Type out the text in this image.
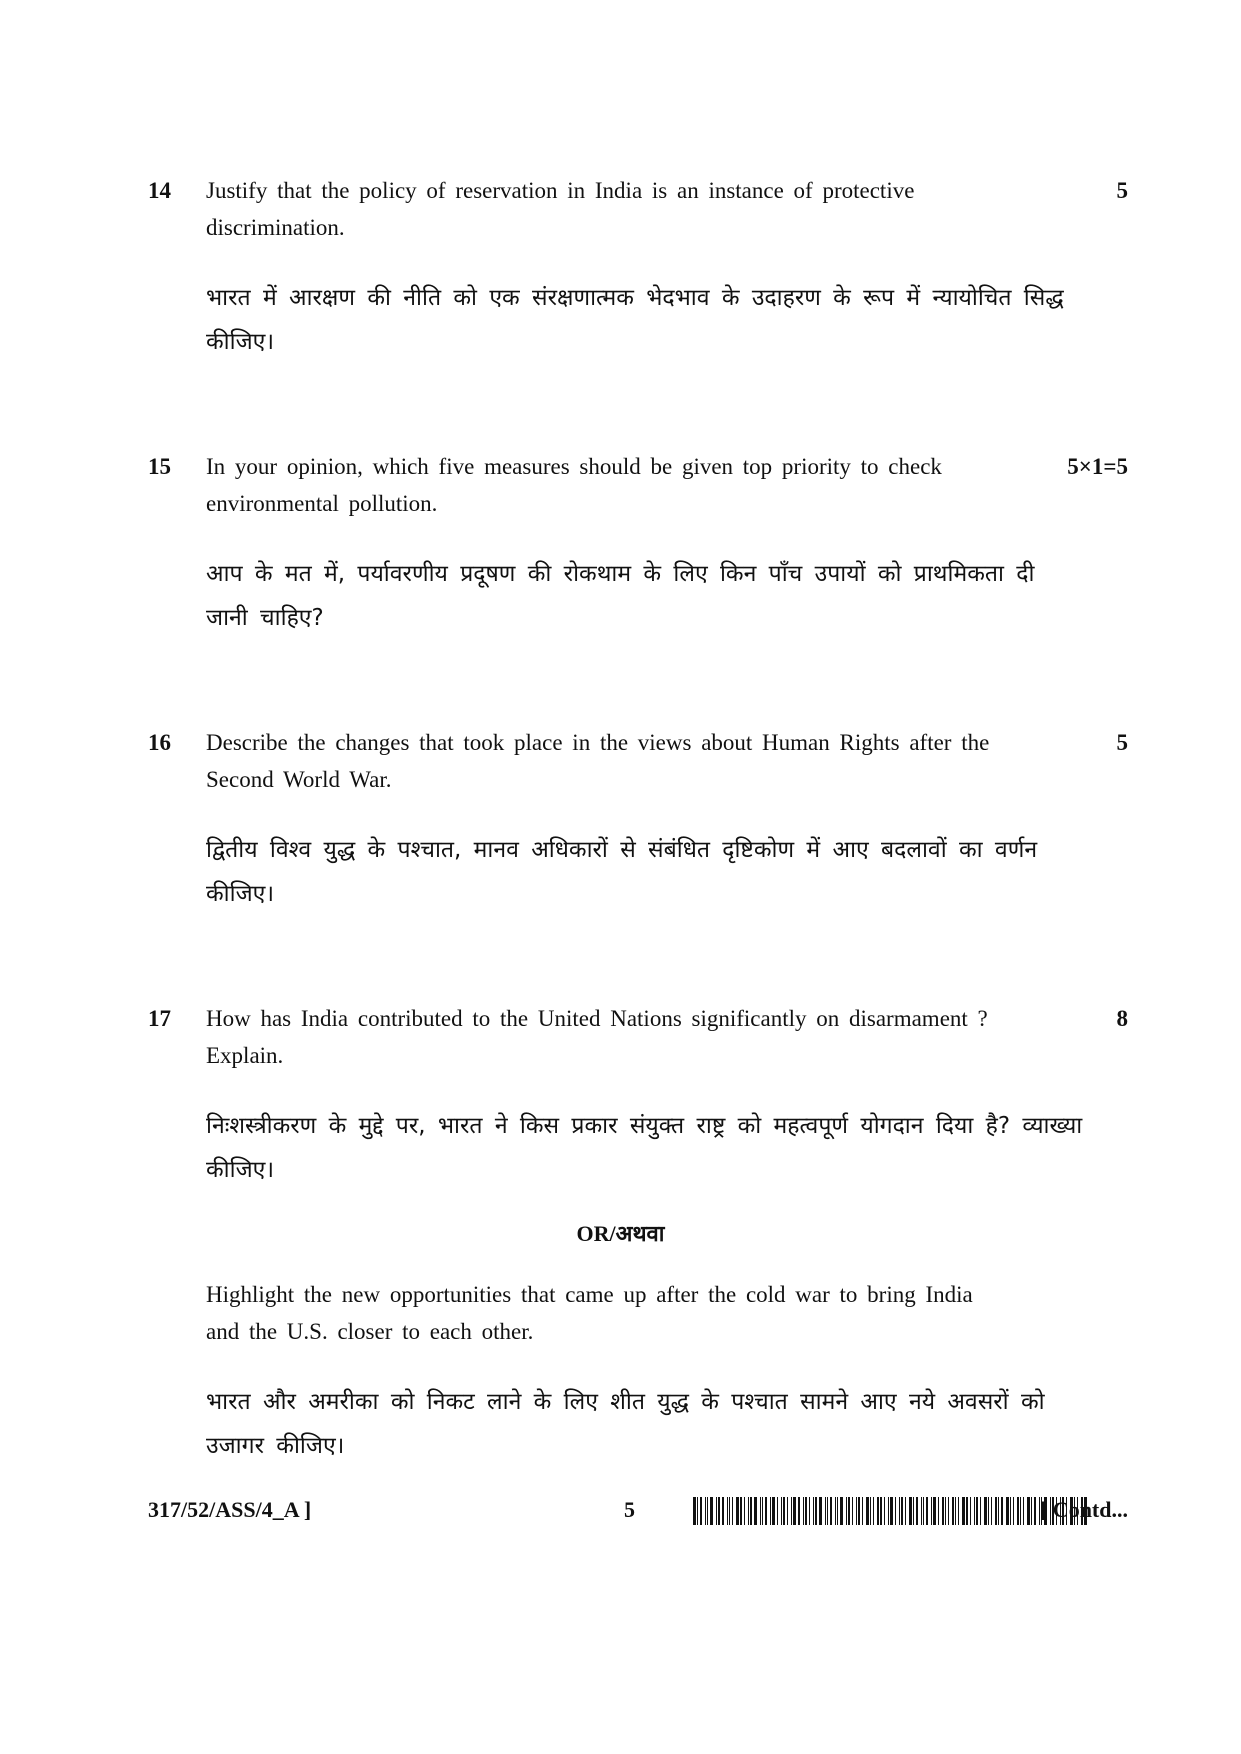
14	5
Justify that the policy of reservation in India is an instance of protective discrimination.
भारत में आरक्षण की नीति को एक संरक्षणात्मक भेदभाव के उदाहरण के रूप में न्यायोचित सिद्ध कीजिए।
15	5×1=5
In your opinion, which five measures should be given top priority to check environmental pollution.
आप के मत में, पर्यावरणीय प्रदूषण की रोकथाम के लिए किन पाँच उपायों को प्राथमिकता दी जानी चाहिए?
16	5
Describe the changes that took place in the views about Human Rights after the Second World War.
द्वितीय विश्व युद्ध के पश्चात, मानव अधिकारों से संबंधित दृष्टिकोण में आए बदलावों का वर्णन कीजिए।
17	8
How has India contributed to the United Nations significantly on disarmament ? Explain.
निःशस्त्रीकरण के मुद्दे पर, भारत ने किस प्रकार संयुक्त राष्ट्र को महत्वपूर्ण योगदान दिया है? व्याख्या कीजिए।
OR/अथवा
Highlight the new opportunities that came up after the cold war to bring India and the U.S. closer to each other.
भारत और अमरीका को निकट लाने के लिए शीत युद्ध के पश्चात सामने आए नये अवसरों को उजागर कीजिए।
317/52/ASS/4_A ]	5	[ Contd...
